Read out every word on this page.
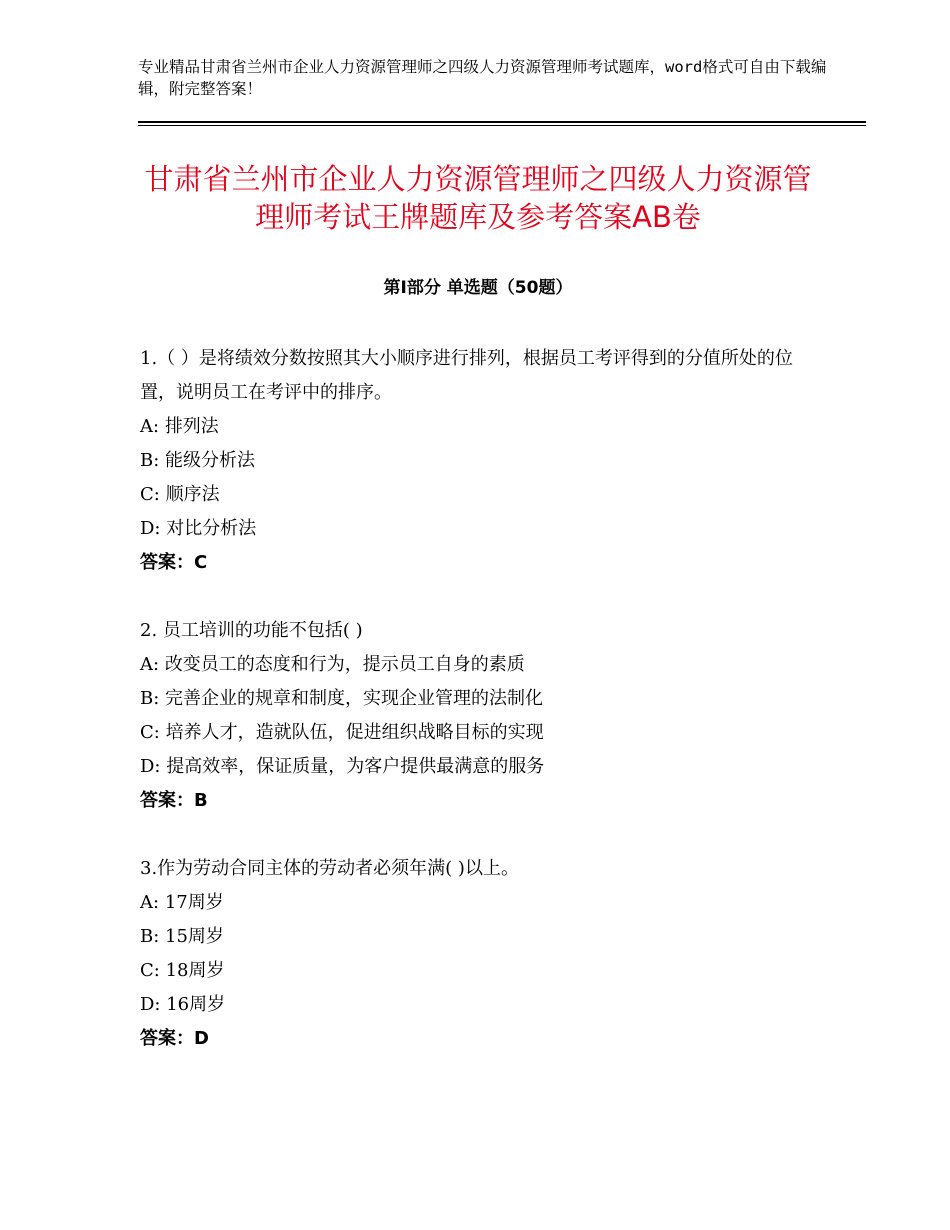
专业精品甘肃省兰州市企业人力资源管理师之四级人力资源管理师考试题库，word格式可自由下载编辑，附完整答案！
甘肃省兰州市企业人力资源管理师之四级人力资源管理师考试王牌题库及参考答案AB卷
第Ⅰ部分 单选题（50题）

1.（ ）是将绩效分数按照其大小顺序进行排列，根据员工考评得到的分值所处的位置，说明员工在考评中的排序。

A: 排列法

B: 能级分析法

C: 顺序法

D: 对比分析法

答案：C

2. 员工培训的功能不包括( )

A: 改变员工的态度和行为，提示员工自身的素质

B: 完善企业的规章和制度，实现企业管理的法制化

C: 培养人才，造就队伍，促进组织战略目标的实现

D: 提高效率，保证质量，为客户提供最满意的服务

答案：B

3.作为劳动合同主体的劳动者必须年满( )以上。

A: 17周岁

B: 15周岁

C: 18周岁

D: 16周岁

答案：D
